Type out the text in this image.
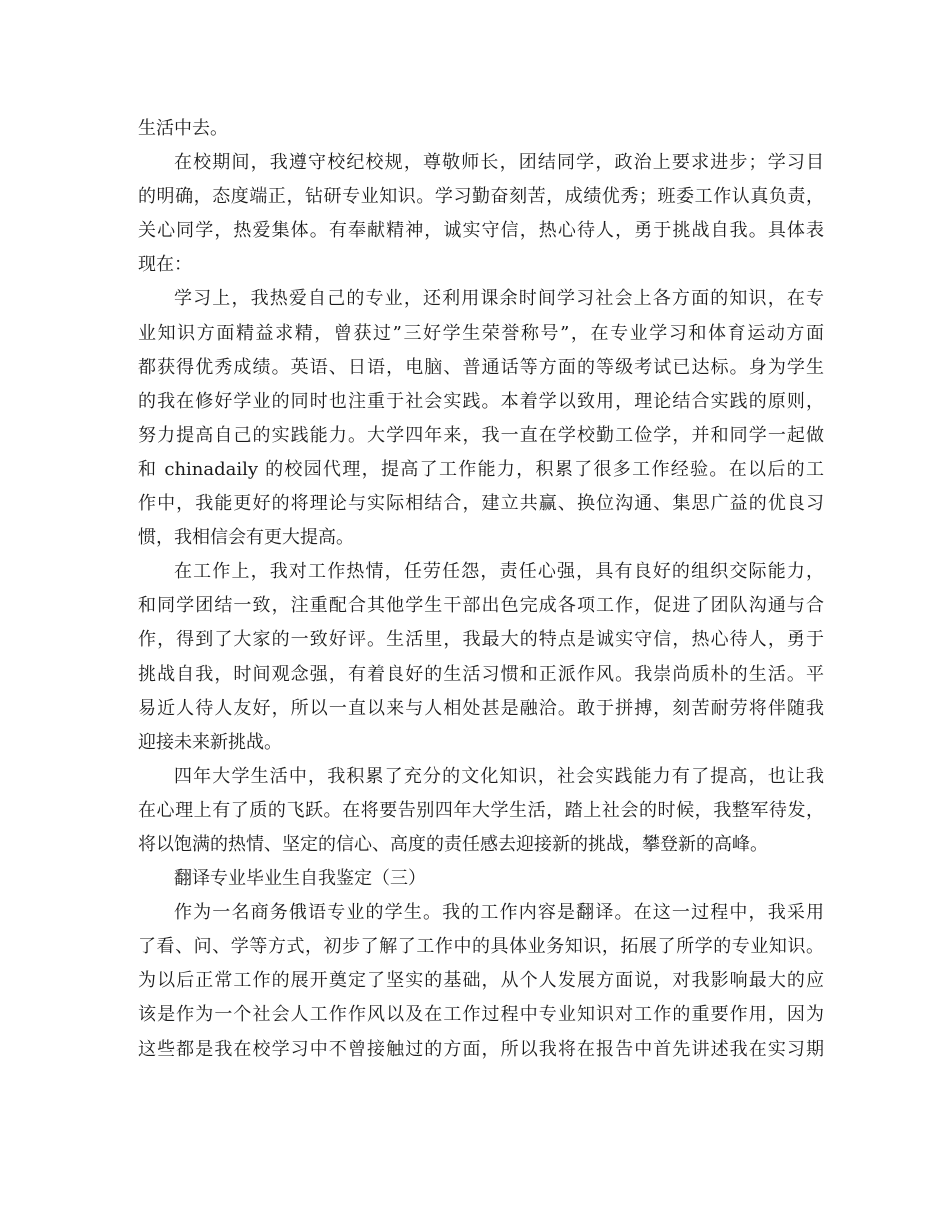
生活中去。
在校期间，我遵守校纪校规，尊敬师长，团结同学，政治上要求进步；学习目
的明确，态度端正，钻研专业知识。学习勤奋刻苦，成绩优秀；班委工作认真负责，
关心同学，热爱集体。有奉献精神，诚实守信，热心待人，勇于挑战自我。具体表
现在：
学习上，我热爱自己的专业，还利用课余时间学习社会上各方面的知识，在专
业知识方面精益求精，曾获过”三好学生荣誉称号”，在专业学习和体育运动方面
都获得优秀成绩。英语、日语，电脑、普通话等方面的等级考试已达标。身为学生
的我在修好学业的同时也注重于社会实践。本着学以致用，理论结合实践的原则，
努力提高自己的实践能力。大学四年来，我一直在学校勤工俭学，并和同学一起做
和 chinadaily 的校园代理，提高了工作能力，积累了很多工作经验。在以后的工
作中，我能更好的将理论与实际相结合，建立共赢、换位沟通、集思广益的优良习
惯，我相信会有更大提高。
在工作上，我对工作热情，任劳任怨，责任心强，具有良好的组织交际能力，
和同学团结一致，注重配合其他学生干部出色完成各项工作，促进了团队沟通与合
作，得到了大家的一致好评。生活里，我最大的特点是诚实守信，热心待人，勇于
挑战自我，时间观念强，有着良好的生活习惯和正派作风。我崇尚质朴的生活。平
易近人待人友好，所以一直以来与人相处甚是融洽。敢于拼搏，刻苦耐劳将伴随我
迎接未来新挑战。
四年大学生活中，我积累了充分的文化知识，社会实践能力有了提高，也让我
在心理上有了质的飞跃。在将要告别四年大学生活，踏上社会的时候，我整军待发，
将以饱满的热情、坚定的信心、高度的责任感去迎接新的挑战，攀登新的高峰。
翻译专业毕业生自我鉴定（三）
作为一名商务俄语专业的学生。我的工作内容是翻译。在这一过程中，我采用
了看、问、学等方式，初步了解了工作中的具体业务知识，拓展了所学的专业知识。
为以后正常工作的展开奠定了坚实的基础，从个人发展方面说，对我影响最大的应
该是作为一个社会人工作作风以及在工作过程中专业知识对工作的重要作用，因为
这些都是我在校学习中不曾接触过的方面，所以我将在报告中首先讲述我在实习期
